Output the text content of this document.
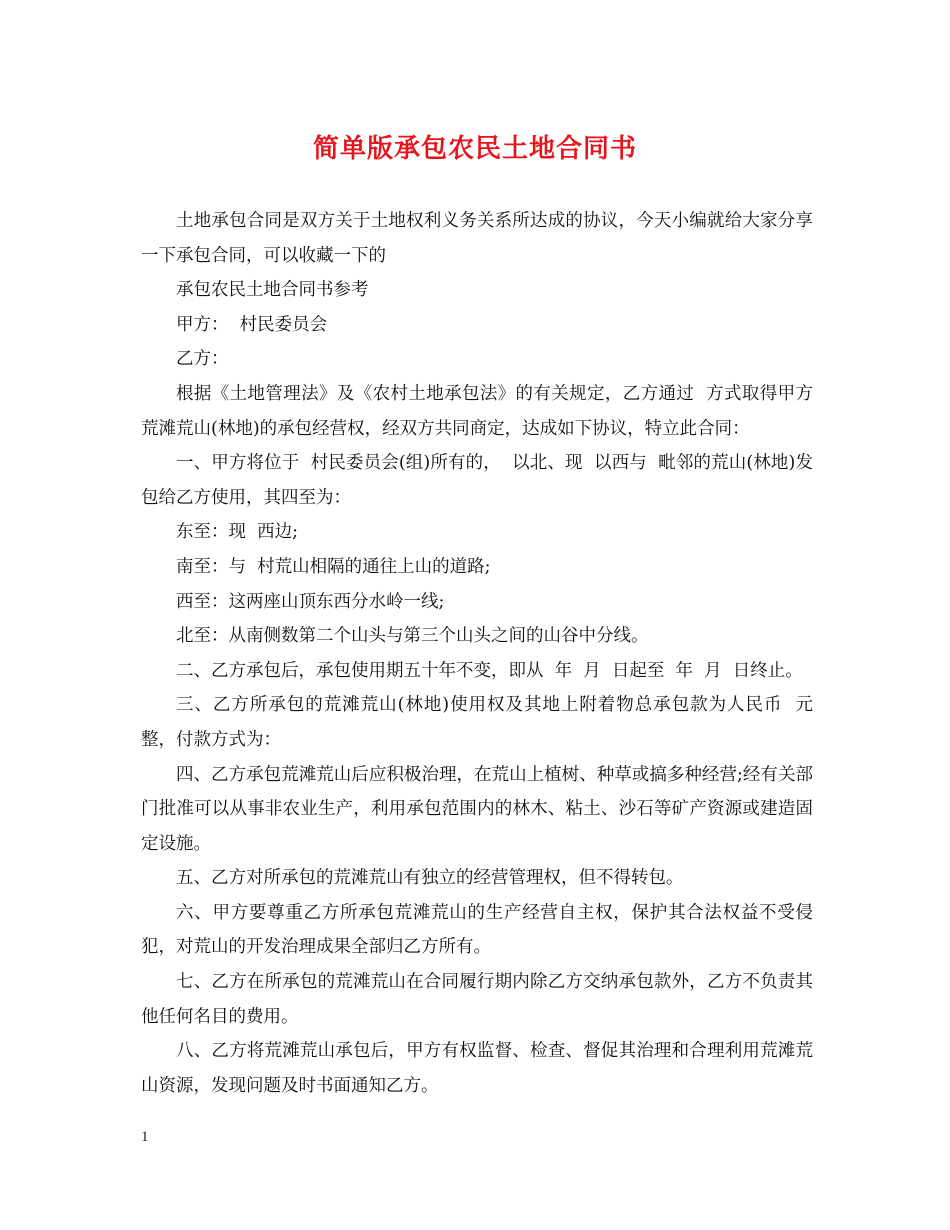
简单版承包农民土地合同书

土地承包合同是双方关于土地权利义务关系所达成的协议，今天小编就给大家分享一下承包合同，可以收藏一下的

承包农民土地合同书参考

甲方：  村民委员会

乙方：

根据《土地管理法》及《农村土地承包法》的有关规定，乙方通过  方式取得甲方荒滩荒山(林地)的承包经营权，经双方共同商定，达成如下协议，特立此合同：

一、甲方将位于  村民委员会(组)所有的，  以北、现  以西与  毗邻的荒山(林地)发包给乙方使用，其四至为：

东至：现  西边;

南至：与  村荒山相隔的通往上山的道路;

西至：这两座山顶东西分水岭一线;

北至：从南侧数第二个山头与第三个山头之间的山谷中分线。

二、乙方承包后，承包使用期五十年不变，即从  年  月  日起至  年  月  日终止。

三、乙方所承包的荒滩荒山(林地)使用权及其地上附着物总承包款为人民币  元整，付款方式为：

四、乙方承包荒滩荒山后应积极治理，在荒山上植树、种草或搞多种经营;经有关部门批准可以从事非农业生产，利用承包范围内的林木、粘土、沙石等矿产资源或建造固定设施。

五、乙方对所承包的荒滩荒山有独立的经营管理权，但不得转包。

六、甲方要尊重乙方所承包荒滩荒山的生产经营自主权，保护其合法权益不受侵犯，对荒山的开发治理成果全部归乙方所有。

七、乙方在所承包的荒滩荒山在合同履行期内除乙方交纳承包款外，乙方不负责其他任何名目的费用。

八、乙方将荒滩荒山承包后，甲方有权监督、检查、督促其治理和合理利用荒滩荒山资源，发现问题及时书面通知乙方。

1
